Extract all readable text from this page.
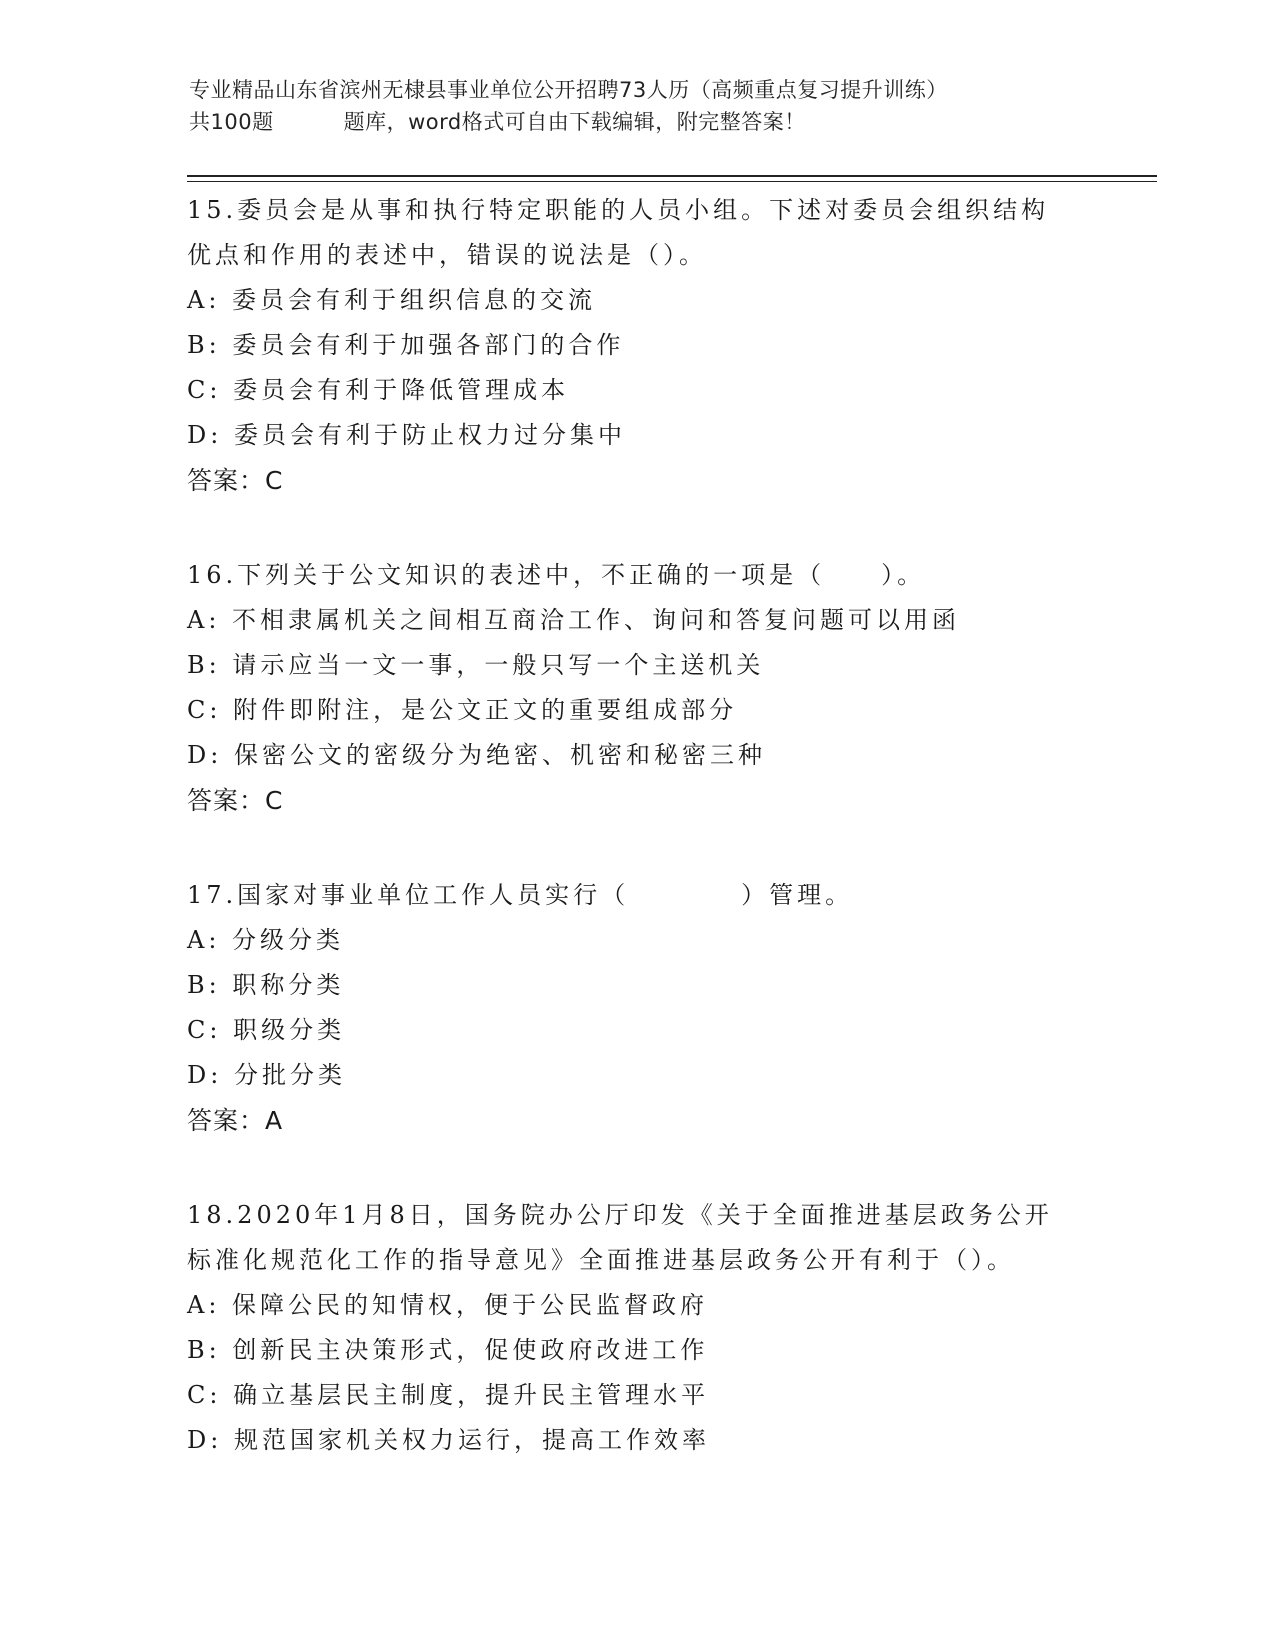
专业精品山东省滨州无棣县事业单位公开招聘73人历（高频重点复习提升训练）
共100题	题库，word格式可自由下载编辑，附完整答案！
15.委员会是从事和执行特定职能的人员小组。下述对委员会组织结构
优点和作用的表述中，错误的说法是（）。
A: 委员会有利于组织信息的交流
B: 委员会有利于加强各部门的合作
C: 委员会有利于降低管理成本
D: 委员会有利于防止权力过分集中
答案：C
16.下列关于公文知识的表述中，不正确的一项是（　　）。
A: 不相隶属机关之间相互商洽工作、询问和答复问题可以用函
B: 请示应当一文一事，一般只写一个主送机关
C: 附件即附注，是公文正文的重要组成部分
D: 保密公文的密级分为绝密、机密和秘密三种
答案：C
17.国家对事业单位工作人员实行（　　　　）管理。
A: 分级分类
B: 职称分类
C: 职级分类
D: 分批分类
答案：A
18.2020年1月8日，国务院办公厅印发《关于全面推进基层政务公开
标准化规范化工作的指导意见》全面推进基层政务公开有利于（）。
A: 保障公民的知情权，便于公民监督政府
B: 创新民主决策形式，促使政府改进工作
C: 确立基层民主制度，提升民主管理水平
D: 规范国家机关权力运行，提高工作效率
